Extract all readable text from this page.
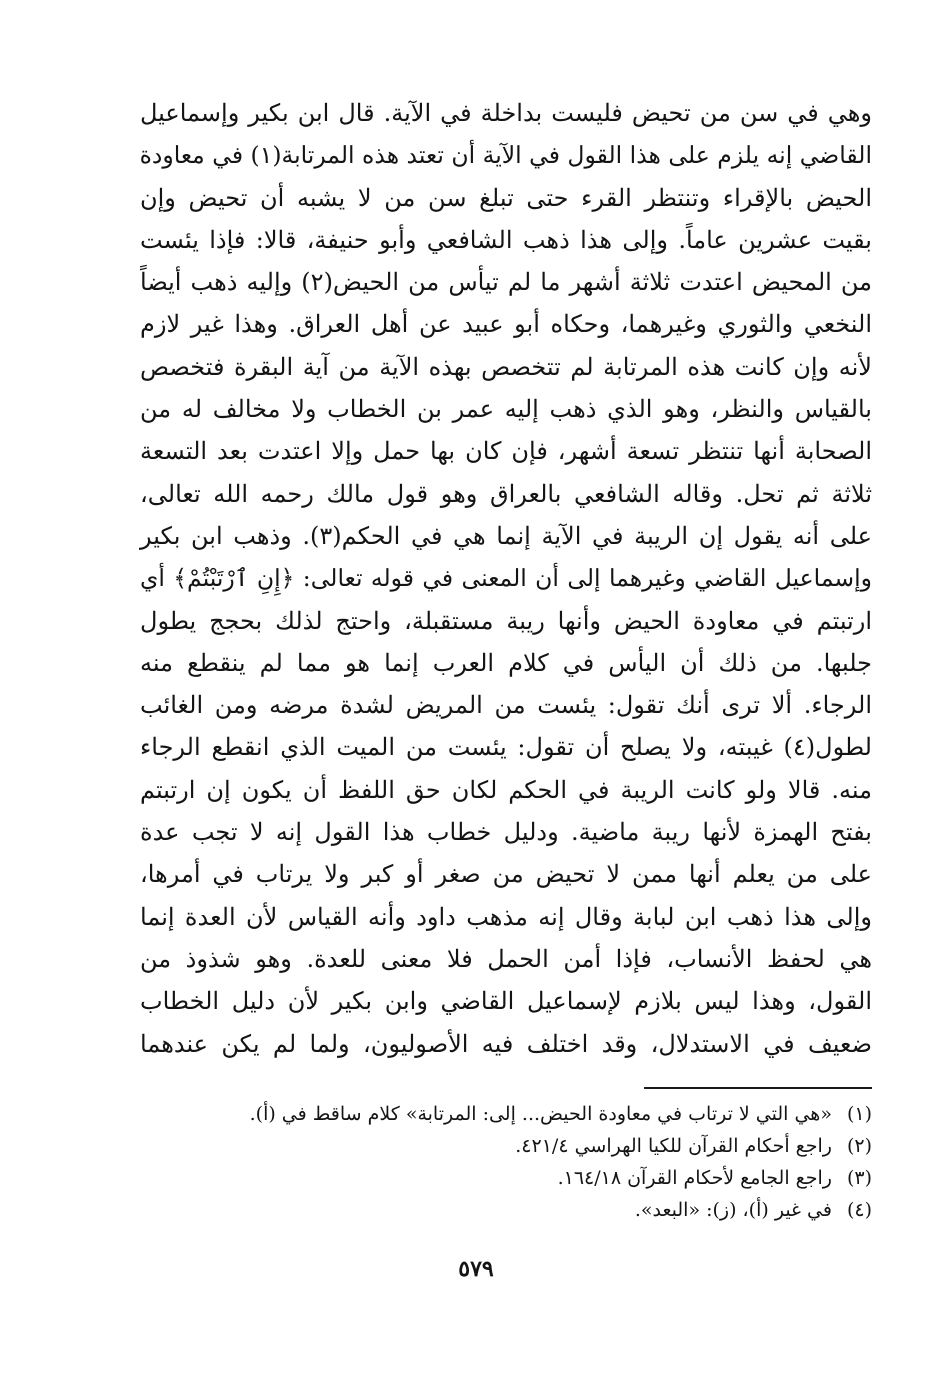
وهي في سن من تحيض فليست بداخلة في الآية. قال ابن بكير وإسماعيل
القاضي إنه يلزم على هذا القول في الآية أن تعتد هذه المرتابة(١) في معاودة
الحيض بالإقراء وتنتظر القرء حتى تبلغ سن من لا يشبه أن تحيض وإن
بقيت عشرين عاماً. وإلى هذا ذهب الشافعي وأبو حنيفة، قالا: فإذا يئست
من المحيض اعتدت ثلاثة أشهر ما لم تيأس من الحيض(٢) وإليه ذهب أيضاً
النخعي والثوري وغيرهما، وحكاه أبو عبيد عن أهل العراق. وهذا غير لازم
لأنه وإن كانت هذه المرتابة لم تتخصص بهذه الآية من آية البقرة فتخصص
بالقياس والنظر، وهو الذي ذهب إليه عمر بن الخطاب ولا مخالف له من
الصحابة أنها تنتظر تسعة أشهر، فإن كان بها حمل وإلا اعتدت بعد التسعة
ثلاثة ثم تحل. وقاله الشافعي بالعراق وهو قول مالك رحمه الله تعالى،
على أنه يقول إن الريبة في الآية إنما هي في الحكم(٣). وذهب ابن بكير
وإسماعيل القاضي وغيرهما إلى أن المعنى في قوله تعالى: ﴿إِنِ ٱرْتَبْتُمْ﴾ أي
ارتبتم في معاودة الحيض وأنها ريبة مستقبلة، واحتج لذلك بحجج يطول
جلبها. من ذلك أن اليأس في كلام العرب إنما هو مما لم ينقطع منه
الرجاء. ألا ترى أنك تقول: يئست من المريض لشدة مرضه ومن الغائب
لطول(٤) غيبته، ولا يصلح أن تقول: يئست من الميت الذي انقطع الرجاء
منه. قالا ولو كانت الريبة في الحكم لكان حق اللفظ أن يكون إن ارتبتم
بفتح الهمزة لأنها ريبة ماضية. ودليل خطاب هذا القول إنه لا تجب عدة
على من يعلم أنها ممن لا تحيض من صغر أو كبر ولا يرتاب في أمرها،
وإلى هذا ذهب ابن لبابة وقال إنه مذهب داود وأنه القياس لأن العدة إنما
هي لحفظ الأنساب، فإذا أمن الحمل فلا معنى للعدة. وهو شذوذ من
القول، وهذا ليس بلازم لإسماعيل القاضي وابن بكير لأن دليل الخطاب
ضعيف في الاستدلال، وقد اختلف فيه الأصوليون، ولما لم يكن عندهما
(١) «هي التي لا ترتاب في معاودة الحيض... إلى: المرتابة» كلام ساقط في (أ).
(٢) راجع أحكام القرآن للكيا الهراسي ٤٢١/٤.
(٣) راجع الجامع لأحكام القرآن ١٦٤/١٨.
(٤) في غير (أ)، (ز): «البعد».
٥٧٩
